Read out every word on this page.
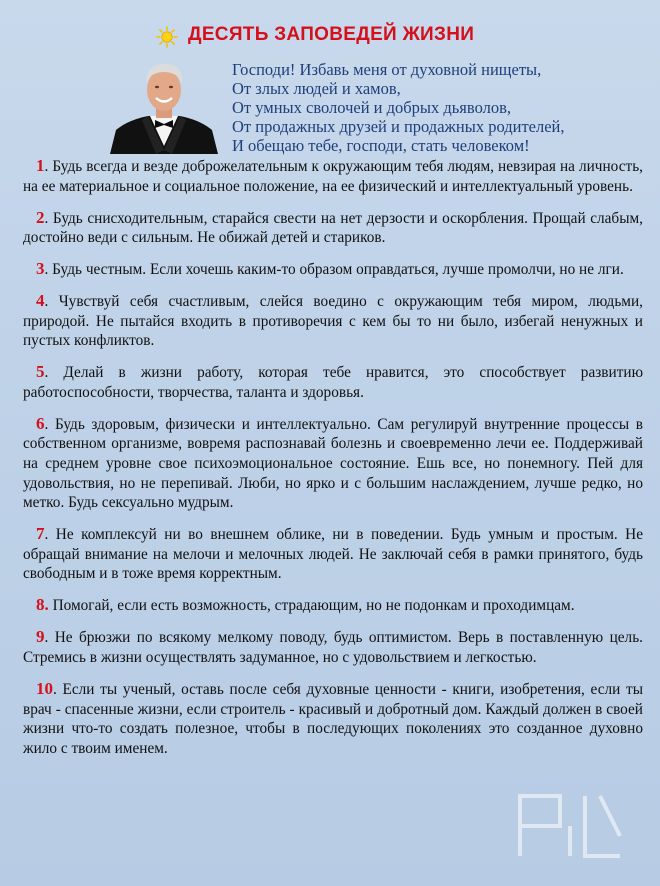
ДЕСЯТЬ ЗАПОВЕДЕЙ ЖИЗНИ
Господи! Избавь меня от духовной нищеты,
От злых людей и хамов,
От умных сволочей и добрых дьяволов,
От продажных друзей и продажных родителей,
И обещаю тебе, господи, стать человеком!

1. Будь всегда и везде доброжелательным к окружающим тебя людям, невзирая на личность, на ее материальное и социальное положение, на ее физический и интеллектуальный уровень.

2. Будь снисходительным, старайся свести на нет дерзости и оскорбления. Прощай слабым, достойно веди с сильным. Не обижай детей и стариков.

3. Будь честным. Если хочешь каким-то образом оправдаться, лучше промолчи, но не лги.

4. Чувствуй себя счастливым, слейся воедино с окружающим тебя миром, людьми, природой. Не пытайся входить в противоречия с кем бы то ни было, избегай ненужных и пустых конфликтов.

5. Делай в жизни работу, которая тебе нравится, это способствует развитию работоспособности, творчества, таланта и здоровья.

6. Будь здоровым, физически и интеллектуально. Сам регулируй внутренние процессы в собственном организме, вовремя распознавай болезнь и своевременно лечи ее. Поддерживай на среднем уровне свое психоэмоциональное состояние. Ешь все, но понемногу. Пей для удовольствия, но не перепивай. Люби, но ярко и с большим наслаждением, лучше редко, но метко. Будь сексуально мудрым.

7. Не комплексуй ни во внешнем облике, ни в поведении. Будь умным и простым. Не обращай внимание на мелочи и мелочных людей. Не заключай себя в рамки принятого, будь свободным и в тоже время корректным.

8. Помогай, если есть возможность, страдающим, но не подонкам и проходимцам.

9. Не брюзжи по всякому мелкому поводу, будь оптимистом. Верь в поставленную цель. Стремись в жизни осуществлять задуманное, но с удовольствием и легкостью.

10. Если ты ученый, оставь после себя духовные ценности - книги, изобретения, если ты врач - спасенные жизни, если строитель - красивый и добротный дом. Каждый должен в своей жизни что-то создать полезное, чтобы в последующих поколениях это созданное духовно жило с твоим именем.
